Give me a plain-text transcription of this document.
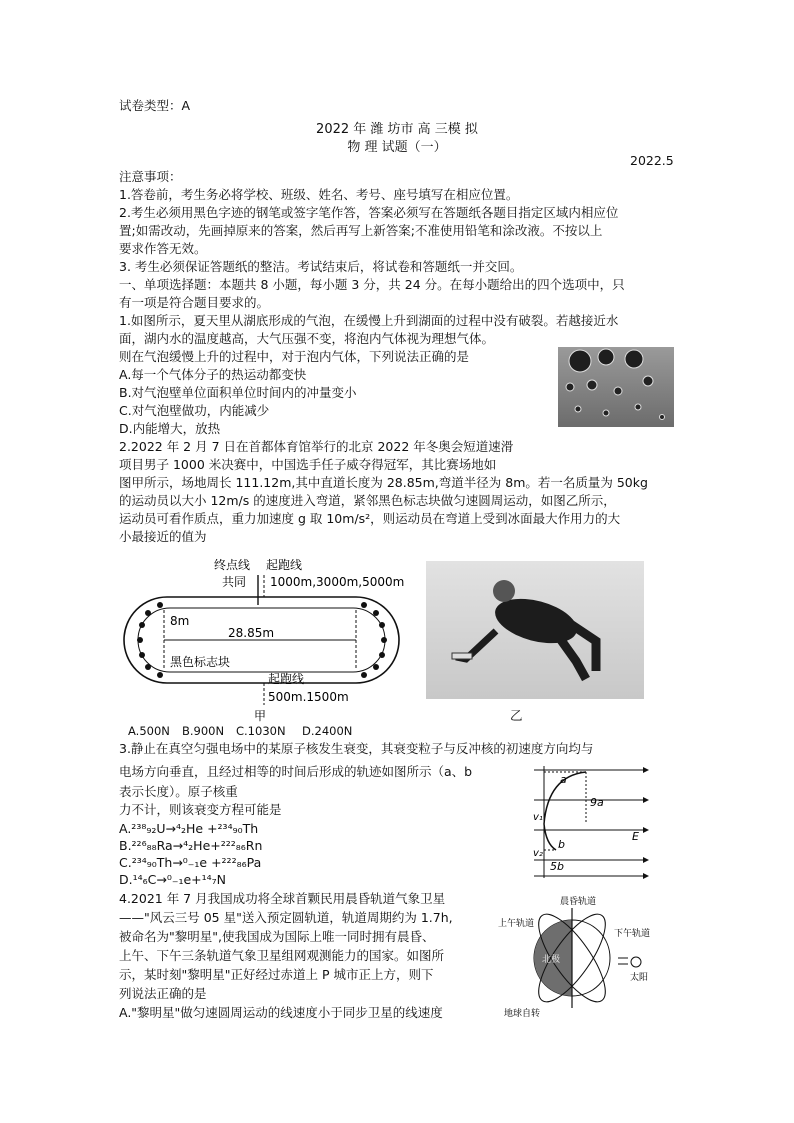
试卷类型：A
2022 年 潍 坊市 高 三模 拟
物 理 试题（一）
2022.5
注意事项：
1.答卷前，考生务必将学校、班级、姓名、考号、座号填写在相应位置。
2.考生必须用黑色字迹的钢笔或签字笔作答，答案必须写在答题纸各题目指定区域内相应位
置;如需改动，先画掉原来的答案，然后再写上新答案;不准使用铅笔和涂改液。不按以上
要求作答无效。
3. 考生必须保证答题纸的整洁。考试结束后，将试卷和答题纸一并交回。
一、单项选择题：本题共 8 小题，每小题 3 分，共 24 分。在每小题给出的四个选项中，只
有一项是符合题目要求的。
1.如图所示，夏天里从湖底形成的气泡，在缓慢上升到湖面的过程中没有破裂。若越接近水
面，湖内水的温度越高，大气压强不变，将泡内气体视为理想气体。
则在气泡缓慢上升的过程中，对于泡内气体，下列说法正确的是
A.每一个气体分子的热运动都变快
B.对气泡壁单位面积单位时间内的冲量变小
C.对气泡壁做功，内能减少
D.内能增大，放热
2.2022 年 2 月 7 日在首都体育馆举行的北京 2022 年冬奥会短道速滑
项目男子 1000 米决赛中，中国选手任子威夺得冠军，其比赛场地如
图甲所示，场地周长 111.12m,其中直道长度为 28.85m,弯道半径为 8m。若一名质量为 50kg
的运动员以大小 12m/s 的速度进入弯道，紧邻黑色标志块做匀速圆周运动，如图乙所示，
运动员可看作质点，重力加速度 g 取 10m/s²，则运动员在弯道上受到冰面最大作用力的大
小最接近的值为
终点线 起跑线
共同 1000m,3000m,5000m
8m
28.85m
黑色标志块
起跑线
500m.1500m
甲	乙
A.500N B.900N C.1030N D.2400N
3.静止在真空匀强电场中的某原子核发生衰变，其衰变粒子与反冲核的初速度方向均与
电场方向垂直，且经过相等的时间后形成的轨迹如图所示（a、b
表示长度）。原子核重
力不计，则该衰变方程可能是
A.²³⁸₉₂U→⁴₂He +²³⁴₉₀Th
B.²²⁶₈₈Ra→⁴₂He+²²²₈₆Rn
C.²³⁴₉₀Th→⁰₋₁e +²²²₈₆Pa
D.¹⁴₆C→⁰₋₁e+¹⁴₇N
a
9a
v₁
v₂
b
5b
E
4.2021 年 7 月我国成功将全球首颗民用晨昏轨道气象卫星
——"风云三号 05 星"送入预定圆轨道，轨道周期约为 1.7h,
被命名为"黎明星",使我国成为国际上唯一同时拥有晨昏、
上午、下午三条轨道气象卫星组网观测能力的国家。如图所
示，某时刻"黎明星"正好经过赤道上 P 城市正上方，则下
列说法正确的是
A."黎明星"做匀速圆周运动的线速度小于同步卫星的线速度
晨昏轨道
上午轨道
下午轨道
北极
太阳
地球自转
